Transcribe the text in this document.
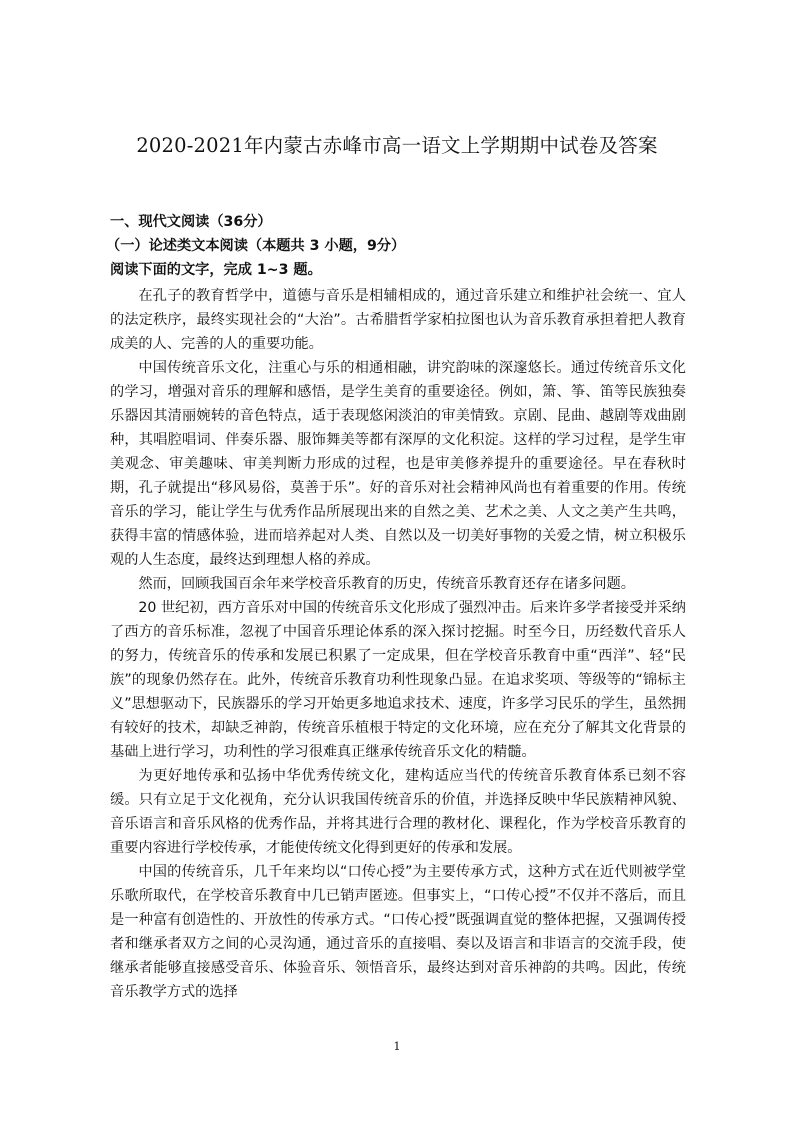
2020-2021年内蒙古赤峰市高一语文上学期期中试卷及答案
一、现代文阅读（36分）
（一）论述类文本阅读（本题共 3 小题，9分）
阅读下面的文字，完成 1~3 题。

在孔子的教育哲学中，道德与音乐是相辅相成的，通过音乐建立和维护社会统一、宜人的法定秩序，最终实现社会的“大治”。古希腊哲学家柏拉图也认为音乐教育承担着把人教育成美的人、完善的人的重要功能。

中国传统音乐文化，注重心与乐的相通相融，讲究韵味的深邃悠长。通过传统音乐文化的学习，增强对音乐的理解和感悟，是学生美育的重要途径。例如，箫、筝、笛等民族独奏乐器因其清丽婉转的音色特点，适于表现悠闲淡泊的审美情致。京剧、昆曲、越剧等戏曲剧种，其唱腔唱词、伴奏乐器、服饰舞美等都有深厚的文化积淀。这样的学习过程，是学生审美观念、审美趣味、审美判断力形成的过程，也是审美修养提升的重要途径。早在春秋时期，孔子就提出“移风易俗，莫善于乐”。好的音乐对社会精神风尚也有着重要的作用。传统音乐的学习，能让学生与优秀作品所展现出来的自然之美、艺术之美、人文之美产生共鸣，获得丰富的情感体验，进而培养起对人类、自然以及一切美好事物的关爱之情，树立积极乐观的人生态度，最终达到理想人格的养成。

然而，回顾我国百余年来学校音乐教育的历史，传统音乐教育还存在诸多问题。

20 世纪初，西方音乐对中国的传统音乐文化形成了强烈冲击。后来许多学者接受并采纳了西方的音乐标准，忽视了中国音乐理论体系的深入探讨挖掘。时至今日，历经数代音乐人的努力，传统音乐的传承和发展已积累了一定成果，但在学校音乐教育中重“西洋”、轻“民族”的现象仍然存在。此外，传统音乐教育功利性现象凸显。在追求奖项、等级等的“锦标主义”思想驱动下，民族器乐的学习开始更多地追求技术、速度，许多学习民乐的学生，虽然拥有较好的技术，却缺乏神韵，传统音乐植根于特定的文化环境，应在充分了解其文化背景的基础上进行学习，功利性的学习很难真正继承传统音乐文化的精髓。

为更好地传承和弘扬中华优秀传统文化，建构适应当代的传统音乐教育体系已刻不容缓。只有立足于文化视角，充分认识我国传统音乐的价值，并选择反映中华民族精神风貌、音乐语言和音乐风格的优秀作品，并将其进行合理的教材化、课程化，作为学校音乐教育的重要内容进行学校传承，才能使传统文化得到更好的传承和发展。

中国的传统音乐，几千年来均以“口传心授”为主要传承方式，这种方式在近代则被学堂乐歌所取代，在学校音乐教育中几已销声匿迹。但事实上，“口传心授”不仅并不落后，而且是一种富有创造性的、开放性的传承方式。“口传心授”既强调直觉的整体把握，又强调传授者和继承者双方之间的心灵沟通，通过音乐的直接唱、奏以及语言和非语言的交流手段，使继承者能够直接感受音乐、体验音乐、领悟音乐，最终达到对音乐神韵的共鸣。因此，传统音乐教学方式的选择

1
